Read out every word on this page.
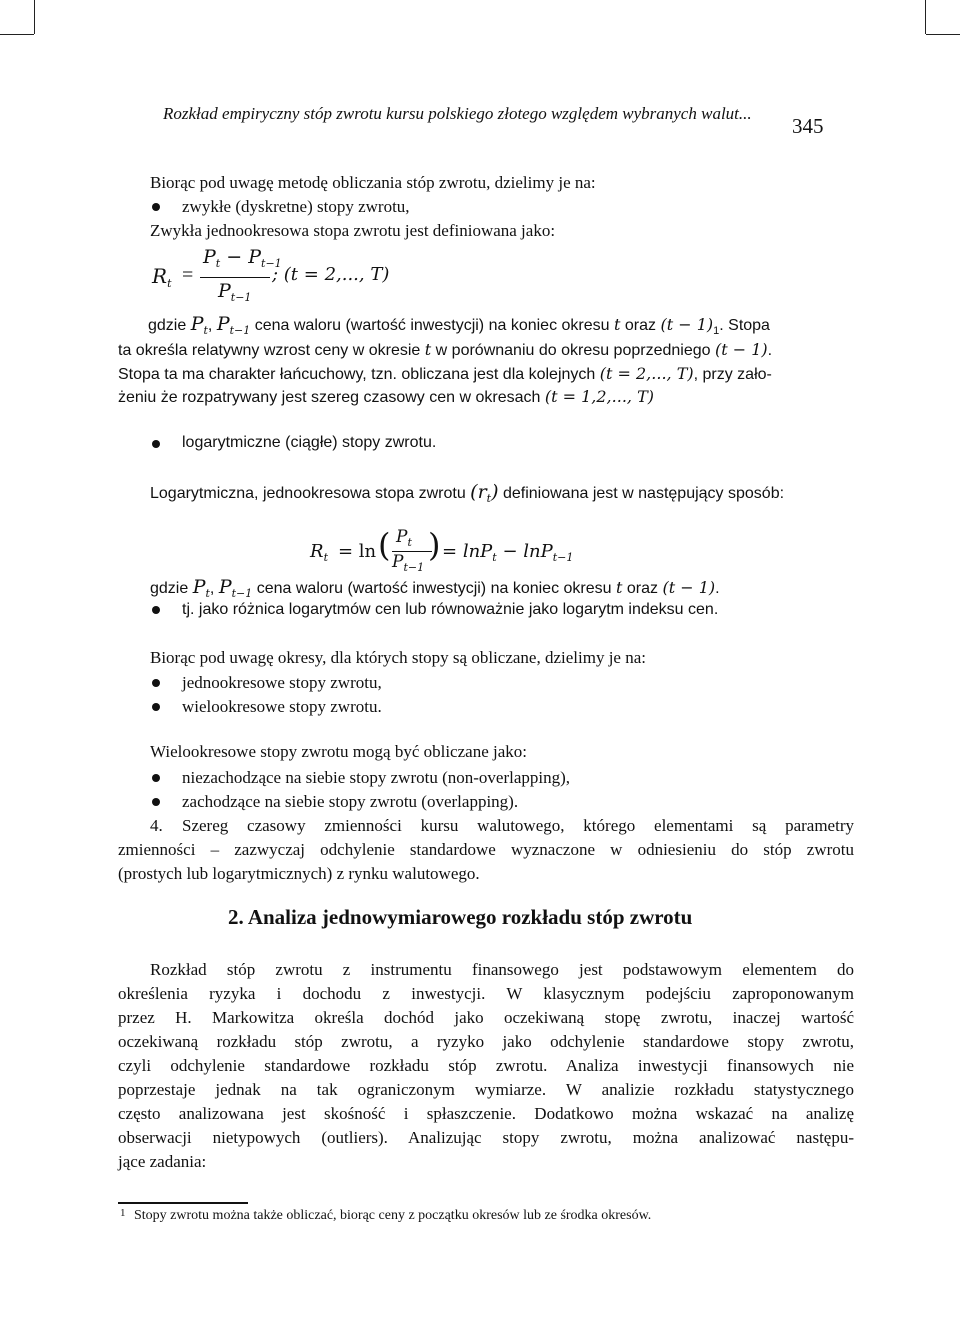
Rozkład empiryczny stóp zwrotu kursu polskiego złotego względem wybranych walut...
345
Biorąc pod uwagę metodę obliczania stóp zwrotu, dzielimy je na:
zwykłe (dyskretne) stopy zwrotu,
Zwykła jednookresowa stopa zwrotu jest definiowana jako:
$R_t$ =
$P_t - P_{t-1}$
$P_{t-1}$
; (t = 2,..., T)
gdzie $P_t$, $P_{t-1}$ cena waloru (wartość inwestycji) na koniec okresu t oraz $(t - 1)_1$. Stopa
ta określa relatywny wzrost ceny w okresie t w porównaniu do okresu poprzedniego (t − 1).
Stopa ta ma charakter łańcuchowy, tzn. obliczana jest dla kolejnych (t = 2,..., T), przy zało-
żeniu że rozpatrywany jest szereg czasowy cen w okresach (t = 1,2,..., T)
logarytmiczne (ciągłe) stopy zwrotu.
Logarytmiczna, jednookresowa stopa zwrotu $(r_t)$ definiowana jest w następujący sposób:
$R_t = \ln$ ( $P_t$
$P_{t-1}$
) = lnP$_t$ − lnP$_{t-1}$
gdzie $P_t$, $P_{t-1}$ cena waloru (wartość inwestycji) na koniec okresu t oraz (t − 1).
tj. jako różnica logarytmów cen lub równoważnie jako logarytm indeksu cen.
Biorąc pod uwagę okresy, dla których stopy są obliczane, dzielimy je na:
jednookresowe stopy zwrotu,
wielookresowe stopy zwrotu.
Wielookresowe stopy zwrotu mogą być obliczane jako:
niezachodzące na siebie stopy zwrotu (non-overlapping),
zachodzące na siebie stopy zwrotu (overlapping).
4. Szereg czasowy zmienności kursu walutowego, którego elementami są parametry
zmienności – zazwyczaj odchylenie standardowe wyznaczone w odniesieniu do stóp zwrotu
(prostych lub logarytmicznych) z rynku walutowego.
2. Analiza jednowymiarowego rozkładu stóp zwrotu
Rozkład stóp zwrotu z instrumentu finansowego jest podstawowym elementem do
określenia ryzyka i dochodu z inwestycji. W klasycznym podejściu zaproponowanym
przez H. Markowitza określa dochód jako oczekiwaną stopę zwrotu, inaczej wartość
oczekiwaną rozkładu stóp zwrotu, a ryzyko jako odchylenie standardowe stopy zwrotu,
czyli odchylenie standardowe rozkładu stóp zwrotu. Analiza inwestycji finansowych nie
poprzestaje jednak na tak ograniczonym wymiarze. W analizie rozkładu statystycznego
często analizowana jest skośność i spłaszczenie. Dodatkowo można wskazać na analizę
obserwacji nietypowych (outliers). Analizując stopy zwrotu, można analizować następu-
jące zadania:
1 Stopy zwrotu można także obliczać, biorąc ceny z początku okresów lub ze środka okresów.
